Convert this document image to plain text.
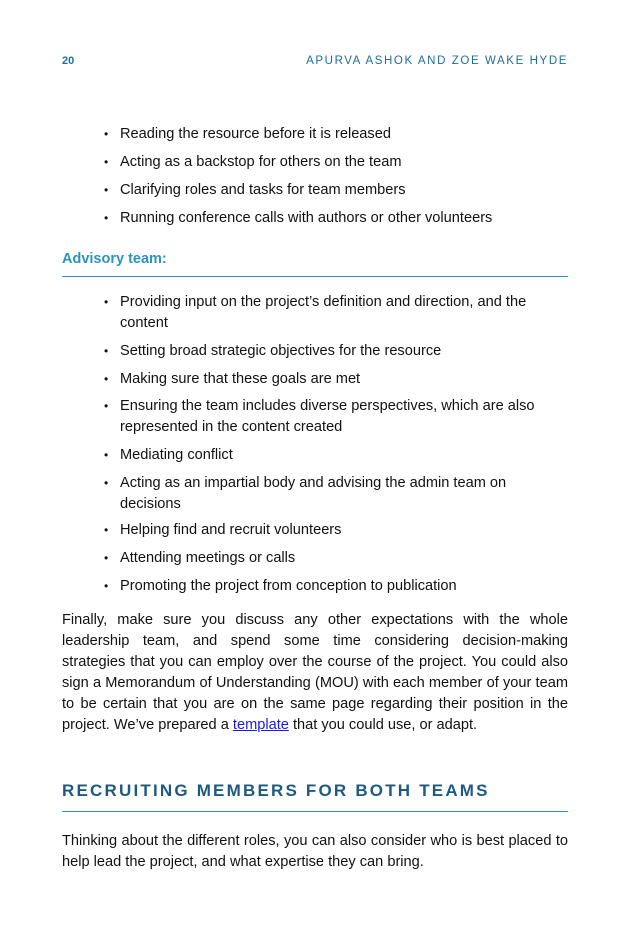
20	APURVA ASHOK AND ZOE WAKE HYDE
• Reading the resource before it is released
• Acting as a backstop for others on the team
• Clarifying roles and tasks for team members
• Running conference calls with authors or other volunteers
Advisory team:
• Providing input on the project’s definition and direction, and the content
• Setting broad strategic objectives for the resource
• Making sure that these goals are met
• Ensuring the team includes diverse perspectives, which are also represented in the content created
• Mediating conflict
• Acting as an impartial body and advising the admin team on decisions
• Helping find and recruit volunteers
• Attending meetings or calls
• Promoting the project from conception to publication

Finally, make sure you discuss any other expectations with the whole leadership team, and spend some time considering decision-making strategies that you can employ over the course of the project. You could also sign a Memorandum of Understanding (MOU) with each member of your team to be certain that you are on the same page regarding their position in the project. We’ve prepared a template that you could use, or adapt.

RECRUITING MEMBERS FOR BOTH TEAMS

Thinking about the different roles, you can also consider who is best placed to help lead the project, and what expertise they can bring.
